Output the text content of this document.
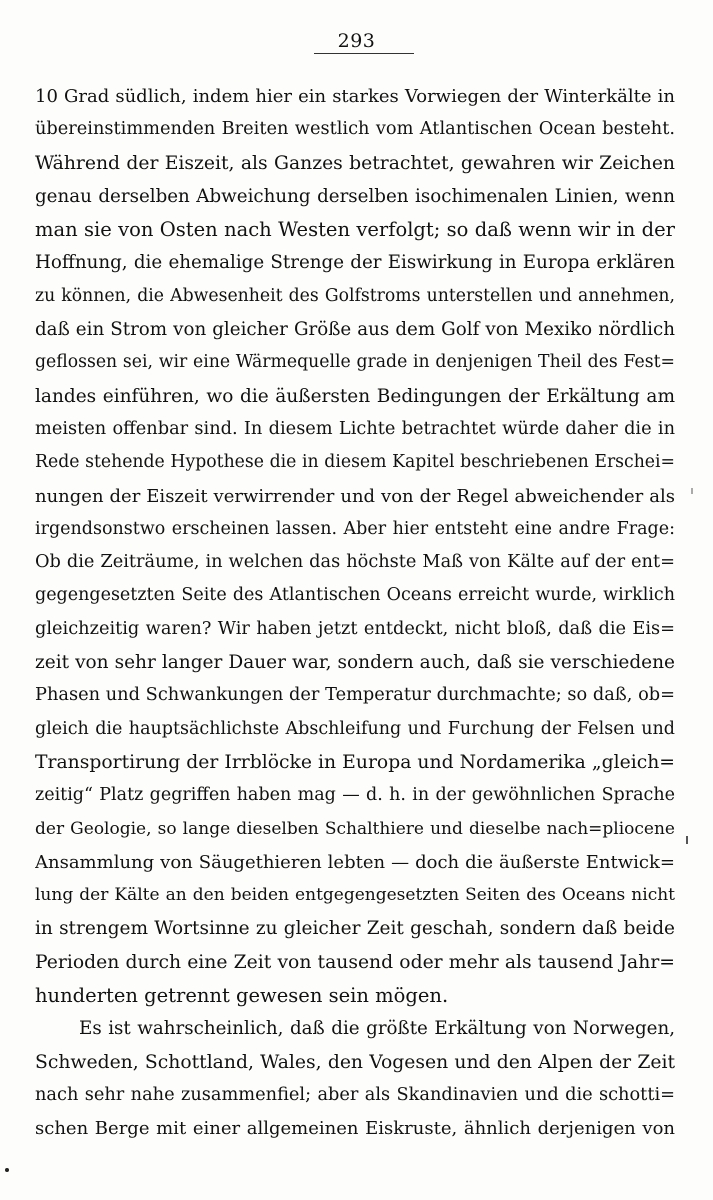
293
10 Grad südlich, indem hier ein starkes Vorwiegen der Winterkälte in
übereinstimmenden Breiten westlich vom Atlantischen Ocean besteht.
Während der Eiszeit, als Ganzes betrachtet, gewahren wir Zeichen
genau derselben Abweichung derselben isochimenalen Linien, wenn
man sie von Osten nach Westen verfolgt; so daß wenn wir in der
Hoffnung, die ehemalige Strenge der Eiswirkung in Europa erklären
zu können, die Abwesenheit des Golfstroms unterstellen und annehmen,
daß ein Strom von gleicher Größe aus dem Golf von Mexiko nördlich
geflossen sei, wir eine Wärmequelle grade in denjenigen Theil des Fest=
landes einführen, wo die äußersten Bedingungen der Erkältung am
meisten offenbar sind. In diesem Lichte betrachtet würde daher die in
Rede stehende Hypothese die in diesem Kapitel beschriebenen Erschei=
nungen der Eiszeit verwirrender und von der Regel abweichender als
irgendsonstwo erscheinen lassen. Aber hier entsteht eine andre Frage:
Ob die Zeiträume, in welchen das höchste Maß von Kälte auf der ent=
gegengesetzten Seite des Atlantischen Oceans erreicht wurde, wirklich
gleichzeitig waren? Wir haben jetzt entdeckt, nicht bloß, daß die Eis=
zeit von sehr langer Dauer war, sondern auch, daß sie verschiedene
Phasen und Schwankungen der Temperatur durchmachte; so daß, ob=
gleich die hauptsächlichste Abschleifung und Furchung der Felsen und
Transportirung der Irrblöcke in Europa und Nordamerika „gleich=
zeitig“ Platz gegriffen haben mag — d. h. in der gewöhnlichen Sprache
der Geologie, so lange dieselben Schalthiere und dieselbe nach=pliocene
Ansammlung von Säugethieren lebten — doch die äußerste Entwick=
lung der Kälte an den beiden entgegengesetzten Seiten des Oceans nicht
in strengem Wortsinne zu gleicher Zeit geschah, sondern daß beide
Perioden durch eine Zeit von tausend oder mehr als tausend Jahr=
hunderten getrennt gewesen sein mögen.
Es ist wahrscheinlich, daß die größte Erkältung von Norwegen,
Schweden, Schottland, Wales, den Vogesen und den Alpen der Zeit
nach sehr nahe zusammenfiel; aber als Skandinavien und die schotti=
schen Berge mit einer allgemeinen Eiskruste, ähnlich derjenigen von
